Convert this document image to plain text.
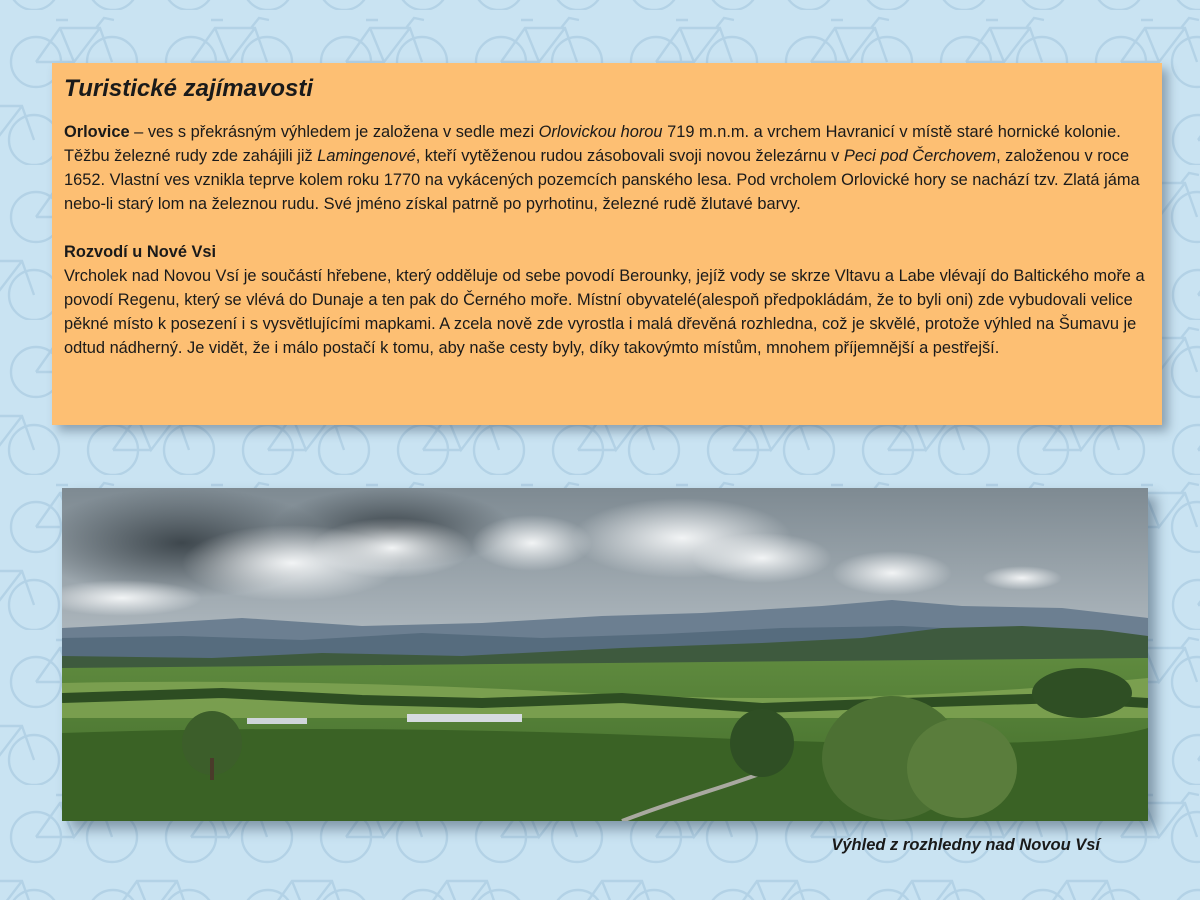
Turistické zajímavosti

Orlovice – ves s překrásným výhledem je založena v sedle mezi Orlovickou horou 719 m.n.m. a vrchem Havranicí v místě staré hornické kolonie. Těžbu železné rudy zde zahájili již Lamingenové, kteří vytěženou rudou zásobovali svoji novou železárnu v Peci pod Čerchovem, založenou v roce 1652. Vlastní ves vznikla teprve kolem roku 1770 na vykácených pozemcích panského lesa. Pod vrcholem Orlovické hory se nachází tzv. Zlatá jáma nebo-li starý lom na železnou rudu. Své jméno získal patrně po pyrhotinu, železné rudě žlutavé barvy.

Rozvodí u Nové Vsi

Vrcholek nad Novou Vsí je součástí hřebene, který odděluje od sebe povodí Berounky, jejíž vody se skrze Vltavu a Labe vlévají do Baltického moře a povodí Regenu, který se vlévá do Dunaje a ten pak do Černého moře. Místní obyvatelé(alespoň předpokládám, že to byli oni) zde vybudovali velice pěkné místo k posezení i s vysvětlujícími mapkami. A zcela nově zde vyrostla i malá dřevěná rozhledna, což je skvělé, protože výhled na Šumavu je odtud nádherný. Je vidět, že i málo postačí k tomu, aby naše cesty byly, díky takovýmto místům, mnohem příjemnější a pestřejší.

Výhled z rozhledny nad Novou Vsí
